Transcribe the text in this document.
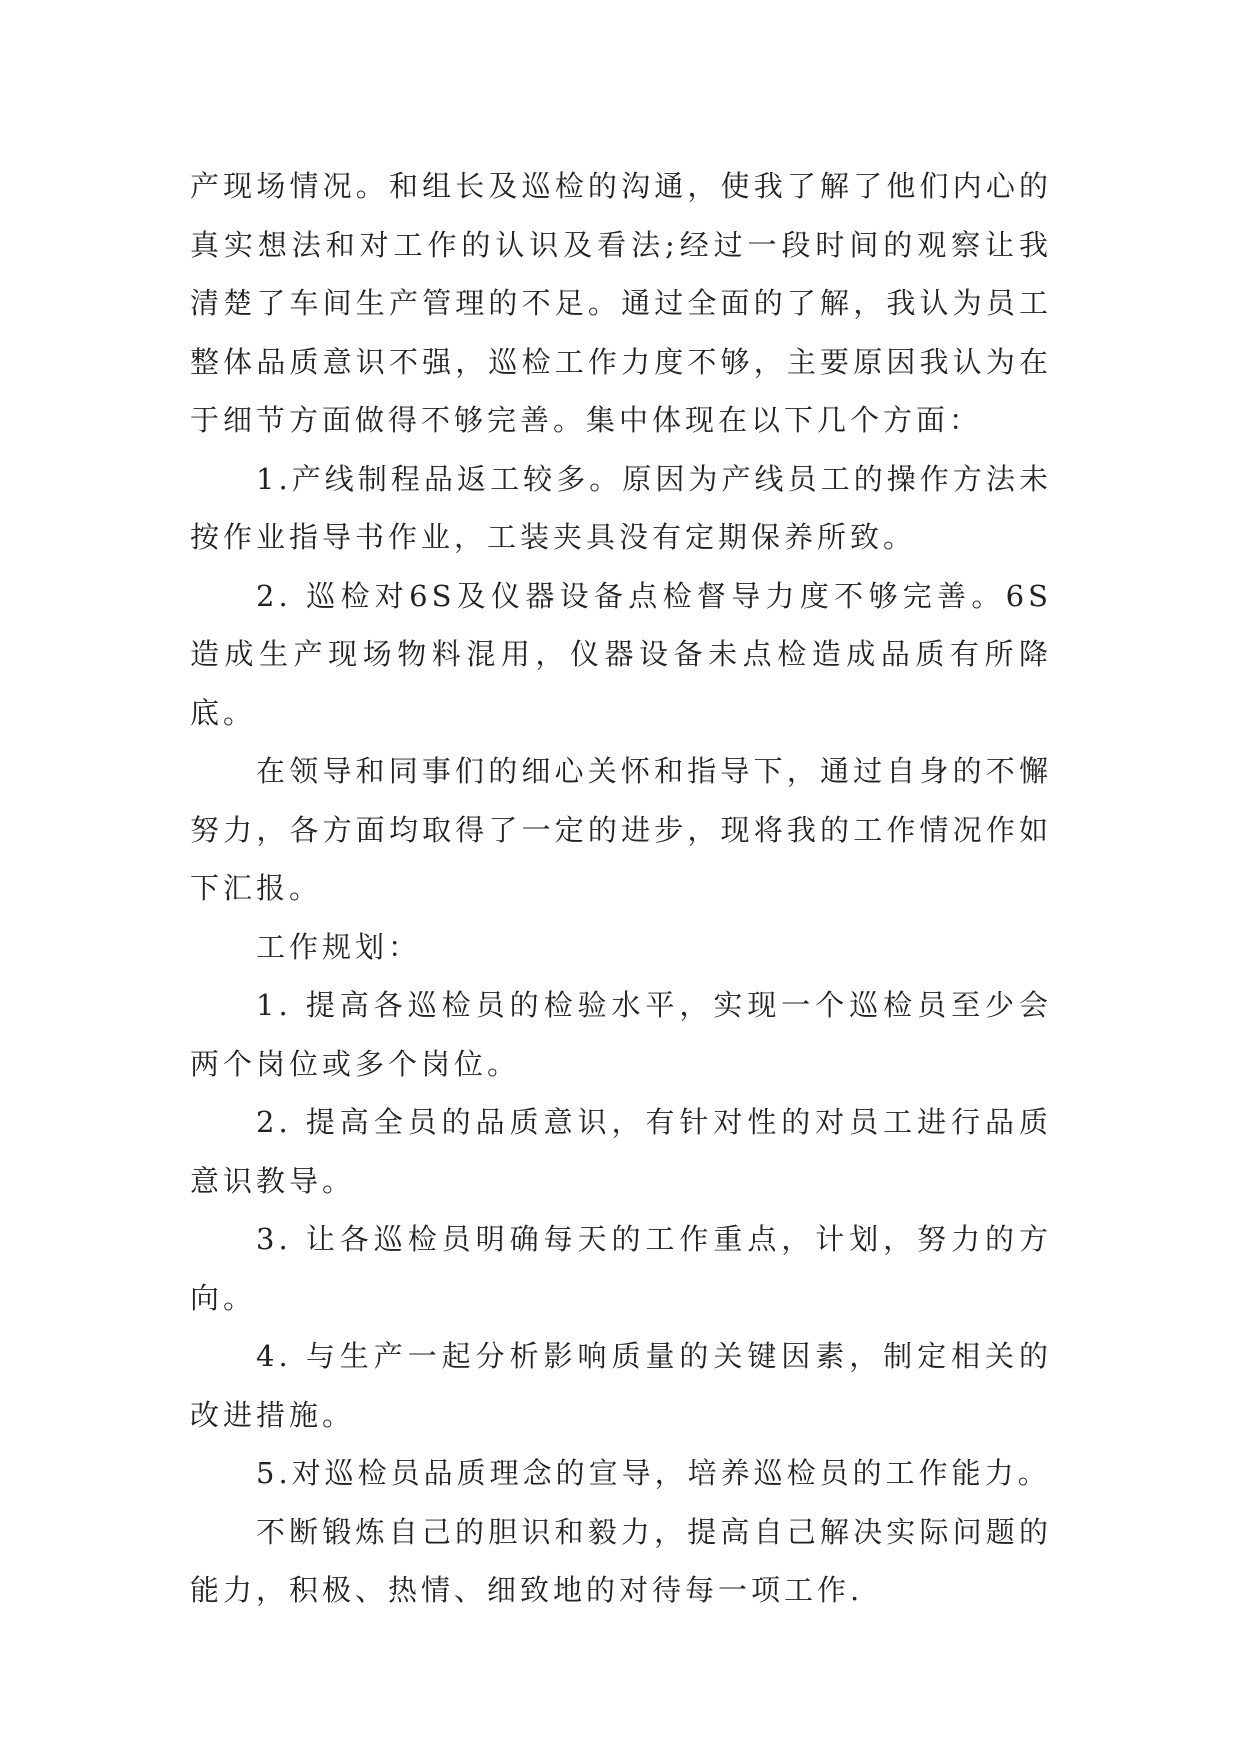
产现场情况。和组长及巡检的沟通，使我了解了他们内心的真实想法和对工作的认识及看法;经过一段时间的观察让我清楚了车间生产管理的不足。通过全面的了解，我认为员工整体品质意识不强，巡检工作力度不够，主要原因我认为在于细节方面做得不够完善。集中体现在以下几个方面：

1.产线制程品返工较多。原因为产线员工的操作方法未按作业指导书作业，工装夹具没有定期保养所致。

2. 巡检对6S及仪器设备点检督导力度不够完善。6S造成生产现场物料混用，仪器设备未点检造成品质有所降底。

在领导和同事们的细心关怀和指导下，通过自身的不懈努力，各方面均取得了一定的进步，现将我的工作情况作如下汇报。

工作规划：

1. 提高各巡检员的检验水平，实现一个巡检员至少会两个岗位或多个岗位。

2. 提高全员的品质意识，有针对性的对员工进行品质意识教导。

3. 让各巡检员明确每天的工作重点，计划，努力的方向。

4. 与生产一起分析影响质量的关键因素，制定相关的改进措施。

5.对巡检员品质理念的宣导，培养巡检员的工作能力。

不断锻炼自己的胆识和毅力，提高自己解决实际问题的能力，积极、热情、细致地的对待每一项工作.
